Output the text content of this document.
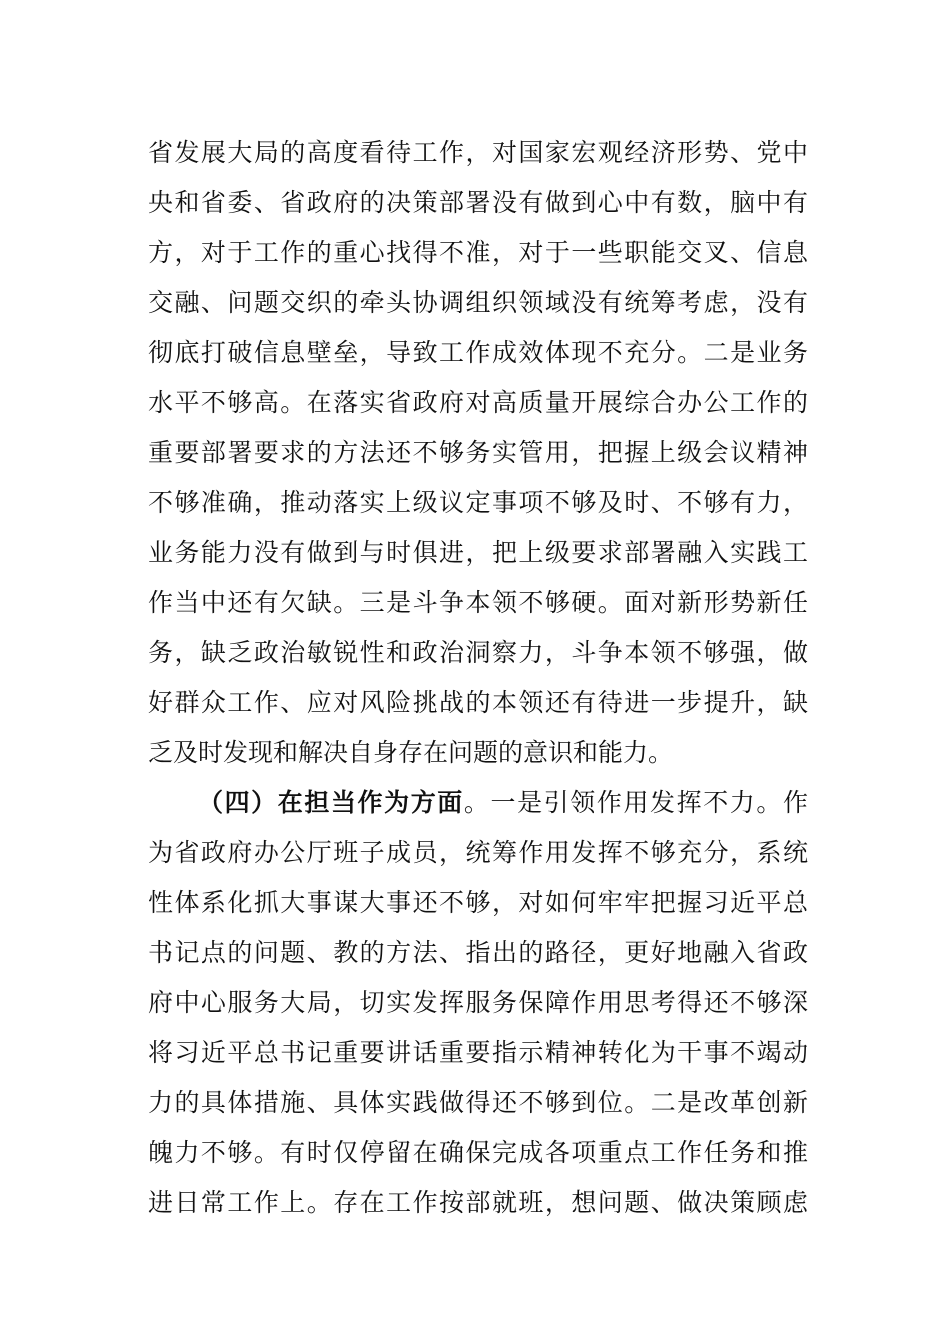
省发展大局的高度看待工作，对国家宏观经济形势、党中
央和省委、省政府的决策部署没有做到心中有数，脑中有
方，对于工作的重心找得不准，对于一些职能交叉、信息
交融、问题交织的牵头协调组织领域没有统筹考虑，没有
彻底打破信息壁垒，导致工作成效体现不充分。二是业务
水平不够高。在落实省政府对高质量开展综合办公工作的
重要部署要求的方法还不够务实管用，把握上级会议精神
不够准确，推动落实上级议定事项不够及时、不够有力，
业务能力没有做到与时俱进，把上级要求部署融入实践工
作当中还有欠缺。三是斗争本领不够硬。面对新形势新任
务，缺乏政治敏锐性和政治洞察力，斗争本领不够强，做
好群众工作、应对风险挑战的本领还有待进一步提升，缺
乏及时发现和解决自身存在问题的意识和能力。
（四）在担当作为方面。一是引领作用发挥不力。作
为省政府办公厅班子成员，统筹作用发挥不够充分，系统
性体系化抓大事谋大事还不够，对如何牢牢把握习近平总
书记点的问题、教的方法、指出的路径，更好地融入省政
府中心服务大局，切实发挥服务保障作用思考得还不够深
将习近平总书记重要讲话重要指示精神转化为干事不竭动
力的具体措施、具体实践做得还不够到位。二是改革创新
魄力不够。有时仅停留在确保完成各项重点工作任务和推
进日常工作上。存在工作按部就班，想问题、做决策顾虑
